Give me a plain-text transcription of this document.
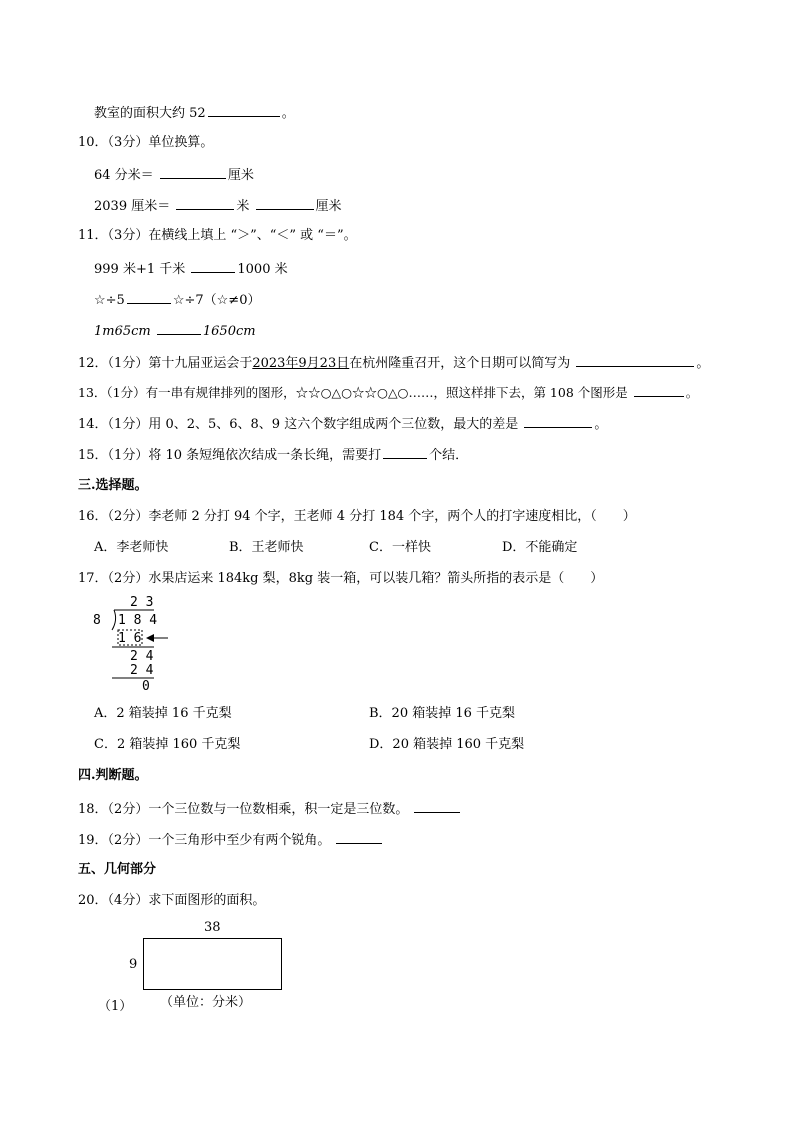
教室的面积大约 52	。
10．（3分）单位换算。
64 分米＝	厘米
2039 厘米＝	米	厘米
11．（3分）在横线上填上 “＞”、“＜” 或 “＝”。
999 米+1 千米	1000 米
☆÷5	☆÷7（☆≠0）
1m65cm	1650cm
12．（1分）第十九届亚运会于2023年9月23日在杭州隆重召开，这个日期可以简写为	。
13．（1分）有一串有规律排列的图形，☆☆○△○☆☆○△○……，照这样排下去，第 108 个图形是	。
14．（1分）用 0、2、5、6、8、9 这六个数字组成两个三位数，最大的差是	。
15．（1分）将 10 条短绳依次结成一条长绳，需要打	个结．
三.选择题。
16．（2分）李老师 2 分打 94 个字，王老师 4 分打 184 个字，两个人的打字速度相比，（　　）
A．李老师快	B．王老师快	C．一样快	D．不能确定
17．（2分）水果店运来 184kg 梨，8kg 装一箱，可以装几箱？箭头所指的表示是（　　）
2 3
8 1 8 4
1 6
2 4
2 4
0
A．2 箱装掉 16 千克梨	B．20 箱装掉 16 千克梨
C．2 箱装掉 160 千克梨	D．20 箱装掉 160 千克梨
四.判断题。
18．（2分）一个三位数与一位数相乘，积一定是三位数。
19．（2分）一个三角形中至少有两个锐角。
五、几何部分
20．（4分）求下面图形的面积。
38
9
（1） （单位：分米）
